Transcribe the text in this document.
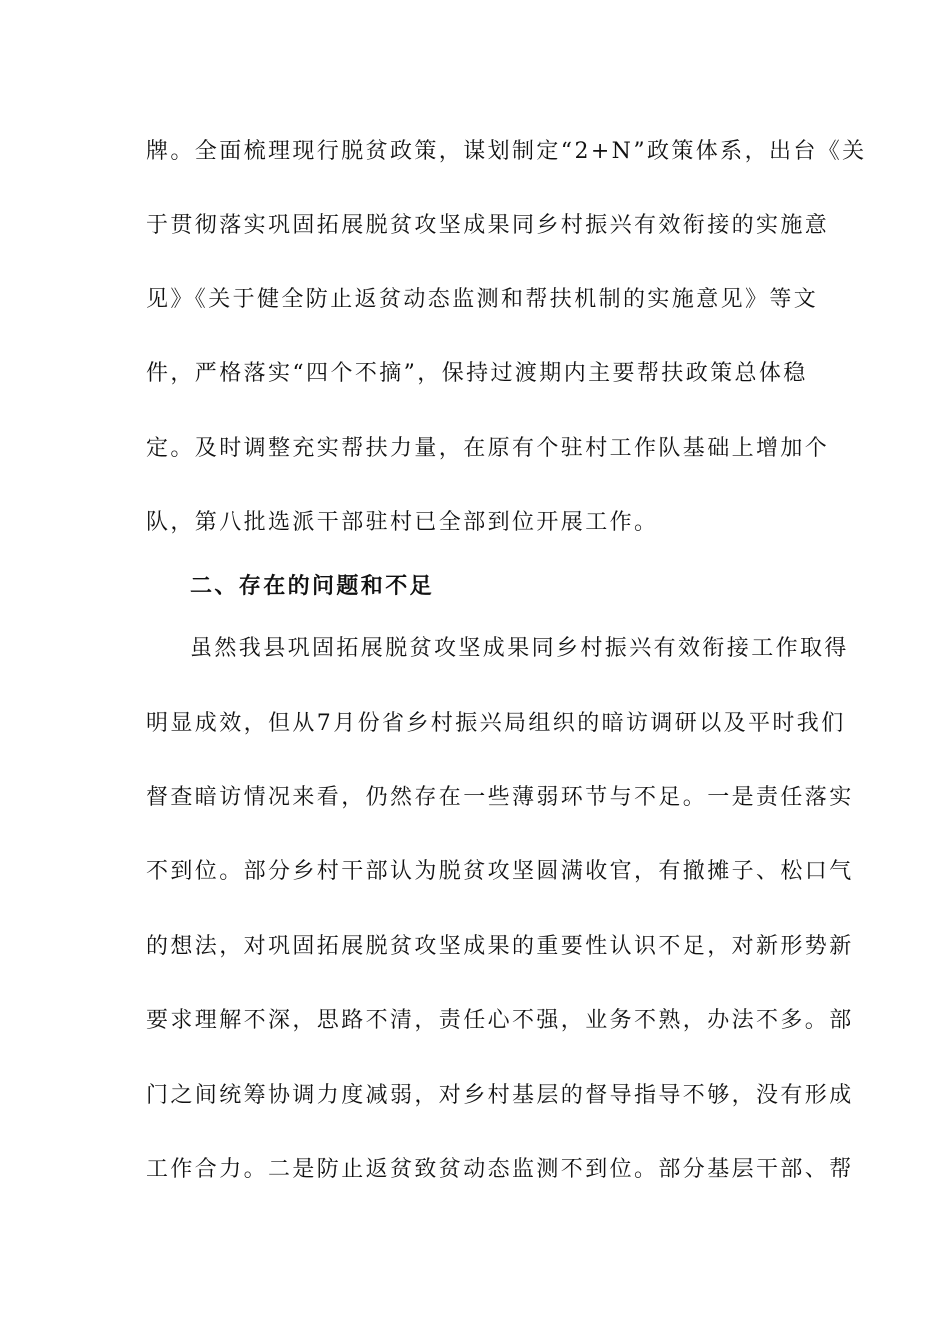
牌。全面梳理现行脱贫政策，谋划制定“2+N”政策体系，出台《关
于贯彻落实巩固拓展脱贫攻坚成果同乡村振兴有效衔接的实施意
见》《关于健全防止返贫动态监测和帮扶机制的实施意见》等文
件，严格落实“四个不摘”，保持过渡期内主要帮扶政策总体稳
定。及时调整充实帮扶力量，在原有个驻村工作队基础上增加个
队，第八批选派干部驻村已全部到位开展工作。
二、存在的问题和不足
虽然我县巩固拓展脱贫攻坚成果同乡村振兴有效衔接工作取得
明显成效，但从7月份省乡村振兴局组织的暗访调研以及平时我们
督查暗访情况来看，仍然存在一些薄弱环节与不足。一是责任落实
不到位。部分乡村干部认为脱贫攻坚圆满收官，有撤摊子、松口气
的想法，对巩固拓展脱贫攻坚成果的重要性认识不足，对新形势新
要求理解不深，思路不清，责任心不强，业务不熟，办法不多。部
门之间统筹协调力度减弱，对乡村基层的督导指导不够，没有形成
工作合力。二是防止返贫致贫动态监测不到位。部分基层干部、帮
